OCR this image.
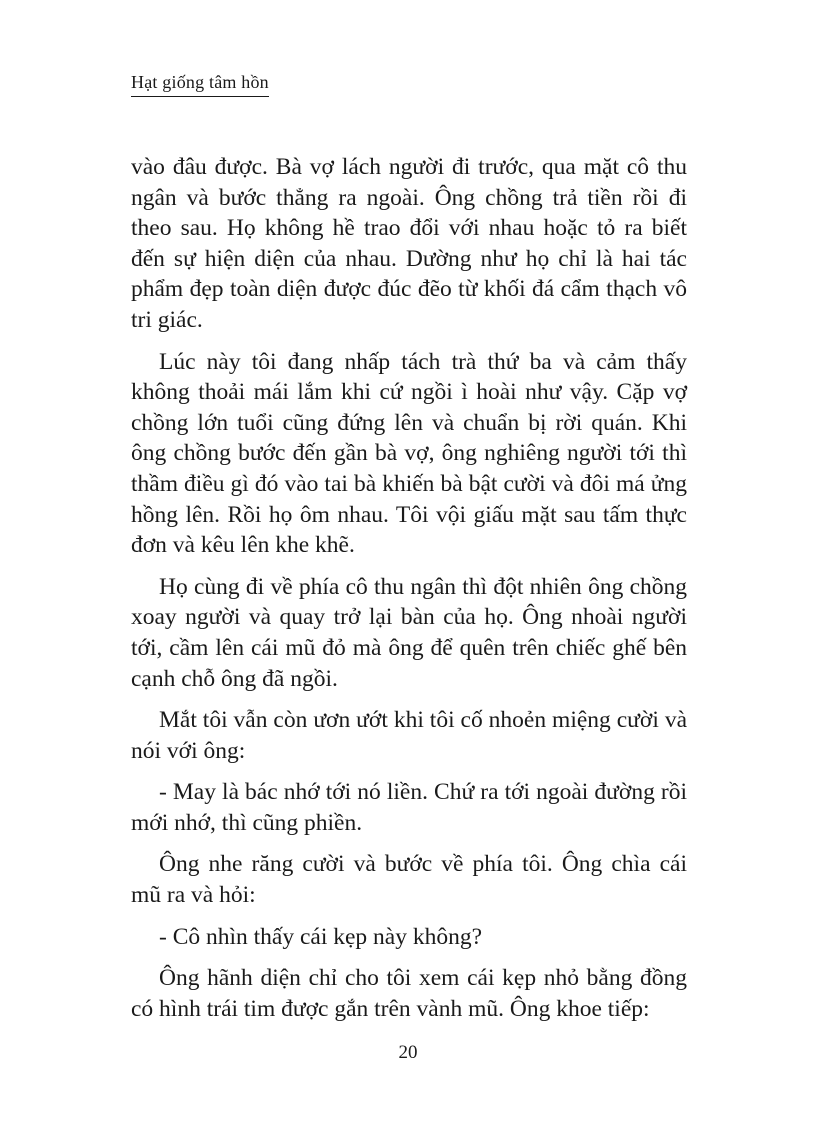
Hạt giống tâm hồn

vào đâu được. Bà vợ lách người đi trước, qua mặt cô thu ngân và bước thẳng ra ngoài. Ông chồng trả tiền rồi đi theo sau. Họ không hề trao đổi với nhau hoặc tỏ ra biết đến sự hiện diện của nhau. Dường như họ chỉ là hai tác phẩm đẹp toàn diện được đúc đẽo từ khối đá cẩm thạch vô tri giác.

Lúc này tôi đang nhấp tách trà thứ ba và cảm thấy không thoải mái lắm khi cứ ngồi ì hoài như vậy. Cặp vợ chồng lớn tuổi cũng đứng lên và chuẩn bị rời quán. Khi ông chồng bước đến gần bà vợ, ông nghiêng người tới thì thầm điều gì đó vào tai bà khiến bà bật cười và đôi má ửng hồng lên. Rồi họ ôm nhau. Tôi vội giấu mặt sau tấm thực đơn và kêu lên khe khẽ.

Họ cùng đi về phía cô thu ngân thì đột nhiên ông chồng xoay người và quay trở lại bàn của họ. Ông nhoài người tới, cầm lên cái mũ đỏ mà ông để quên trên chiếc ghế bên cạnh chỗ ông đã ngồi.

Mắt tôi vẫn còn ươn ướt khi tôi cố nhoẻn miệng cười và nói với ông:

- May là bác nhớ tới nó liền. Chứ ra tới ngoài đường rồi mới nhớ, thì cũng phiền.

Ông nhe răng cười và bước về phía tôi. Ông chìa cái mũ ra và hỏi:

- Cô nhìn thấy cái kẹp này không?

Ông hãnh diện chỉ cho tôi xem cái kẹp nhỏ bằng đồng có hình trái tim được gắn trên vành mũ. Ông khoe tiếp:

20
